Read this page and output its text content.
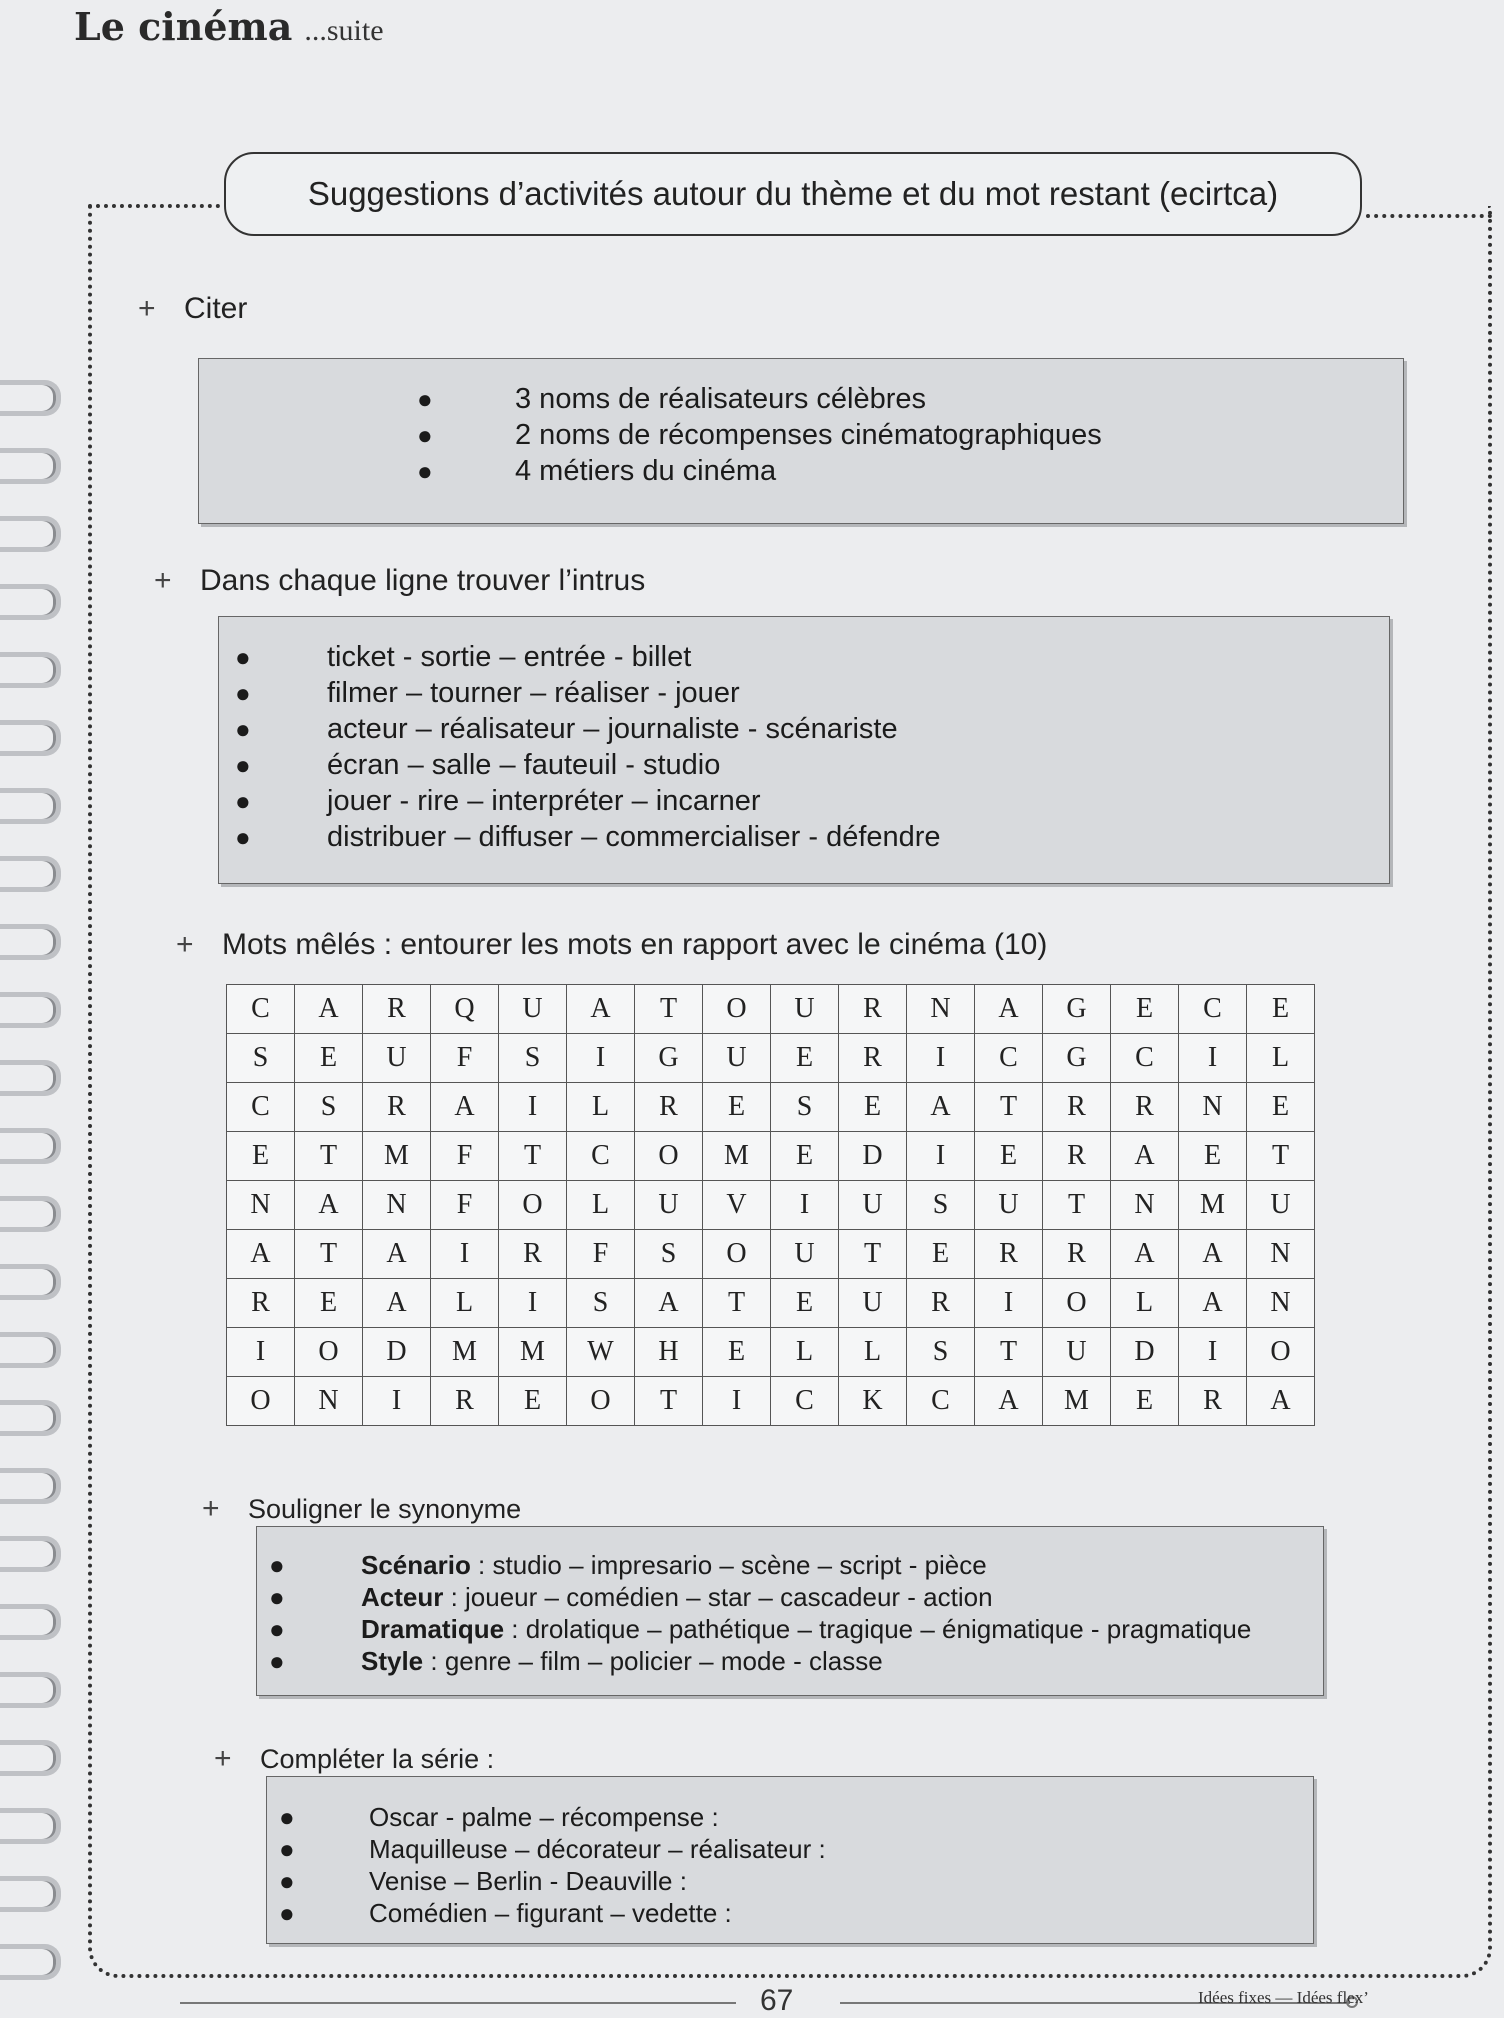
Le cinéma ...suite
Suggestions d’activités autour du thème et du mot restant (ecirtca)
+ Citer
●	3 noms de réalisateurs célèbres
●	2 noms de récompenses cinématographiques
●	4 métiers du cinéma
+ Dans chaque ligne trouver l’intrus
●	ticket - sortie – entrée - billet
●	filmer – tourner – réaliser - jouer
●	acteur – réalisateur – journaliste - scénariste
●	écran – salle – fauteuil - studio
●	jouer - rire – interpréter – incarner
●	distribuer – diffuser – commercialiser - défendre
+ Mots mêlés : entourer les mots en rapport avec le cinéma (10)
C	A	R	Q	U	A	T	O	U	R	N	A	G	E	C	E
S	E	U	F	S	I	G	U	E	R	I	C	G	C	I	L
C	S	R	A	I	L	R	E	S	E	A	T	R	R	N	E
E	T	M	F	T	C	O	M	E	D	I	E	R	A	E	T
N	A	N	F	O	L	U	V	I	U	S	U	T	N	M	U
A	T	A	I	R	F	S	O	U	T	E	R	R	A	A	N
R	E	A	L	I	S	A	T	E	U	R	I	O	L	A	N
I	O	D	M	M	W	H	E	L	L	S	T	U	D	I	O
O	N	I	R	E	O	T	I	C	K	C	A	M	E	R	A
+	Souligner le synonyme
●	Scénario : studio – impresario – scène – script - pièce
●	Acteur : joueur – comédien – star – cascadeur - action
●	Dramatique : drolatique – pathétique – tragique – énigmatique - pragmatique
●	Style : genre – film – policier – mode - classe
+	Compléter la série :
●	Oscar - palme – récompense :
●	Maquilleuse – décorateur – réalisateur :
●	Venise – Berlin - Deauville :
●	Comédien – figurant – vedette :
67	Idées fixes — Idées flex’
